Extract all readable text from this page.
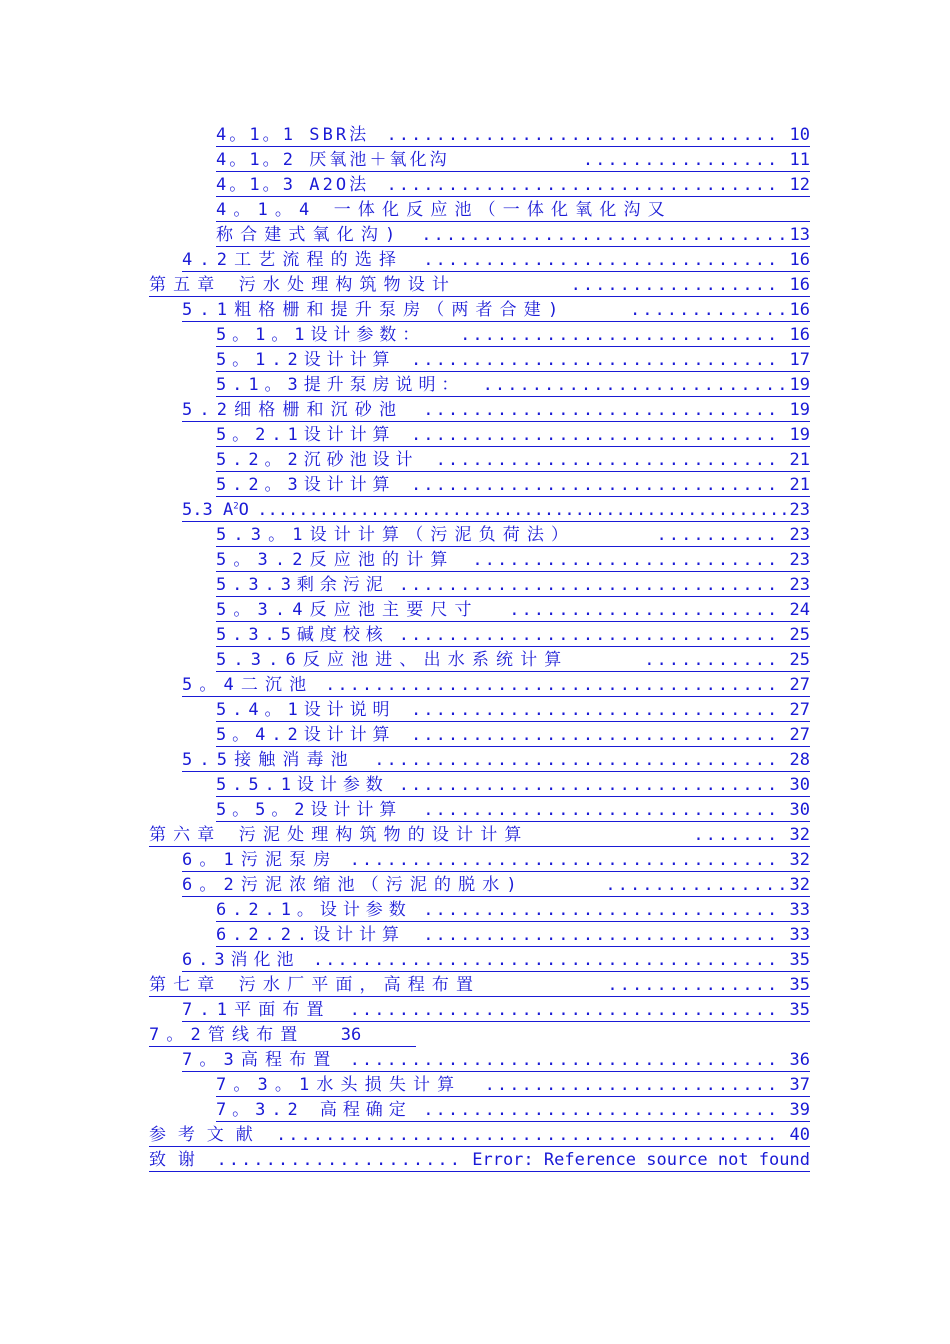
4。1。1 SBR法 ................................ 10
4。1。2 厌氧池＋氧化沟	................ 11
4。1。3 A2O法 ................................ 12
4。1。4 一体化反应池（一体化氧化沟又
称合建式氧化沟) ..............................13
4.2工艺流程的选择 ............................. 16
第五章 污水处理构筑物设计	................. 16
5.1粗格栅和提升泵房（两者合建)	.............16
5。1。1设计参数： .......................... 16
5。1.2设计计算 .............................. 17
5.1。3提升泵房说明： .........................19
5.2细格栅和沉砂池 ............................. 19
5。2.1设计计算 .............................. 19
5.2。2沉砂池设计 ............................ 21
5.2。3设计计算 .............................. 21
5.3 $A^2O$ ....................................................23
5.3。1设计计算（污泥负荷法）	.......... 23
5。3.2反应池的计算 ......................... 23
5.3.3剩余污泥 ............................... 23
5。3.4反应池主要尺寸 ...................... 24
5.3.5碱度校核 ............................... 25
5.3.6反应池进、出水系统计算	........... 25
5。4二沉池 ..................................... 27
5.4。1设计说明 .............................. 27
5。4.2设计计算 .............................. 27
5.5接触消毒池 ................................. 28
5.5.1设计参数 ............................... 30
5。5。2设计计算 ............................. 30
第六章 污泥处理构筑物的设计计算	....... 32
6。1污泥泵房 ................................... 32
6。2污泥浓缩池（污泥的脱水)	...............32
6.2.1。设计参数 ............................. 33
6.2.2.设计计算 ............................. 33
6.3消化池 ...................................... 35
第七章 污水厂平面，高程布置	.............. 35
7.1平面布置 ................................... 35
7。2管线布置 36
7。3高程布置 ................................... 36
7。3。1水头损失计算 ........................ 37
7。3.2 高程确定 ............................. 39
参考文献 ......................................... 40
致谢 .................... Error: Reference source not found
